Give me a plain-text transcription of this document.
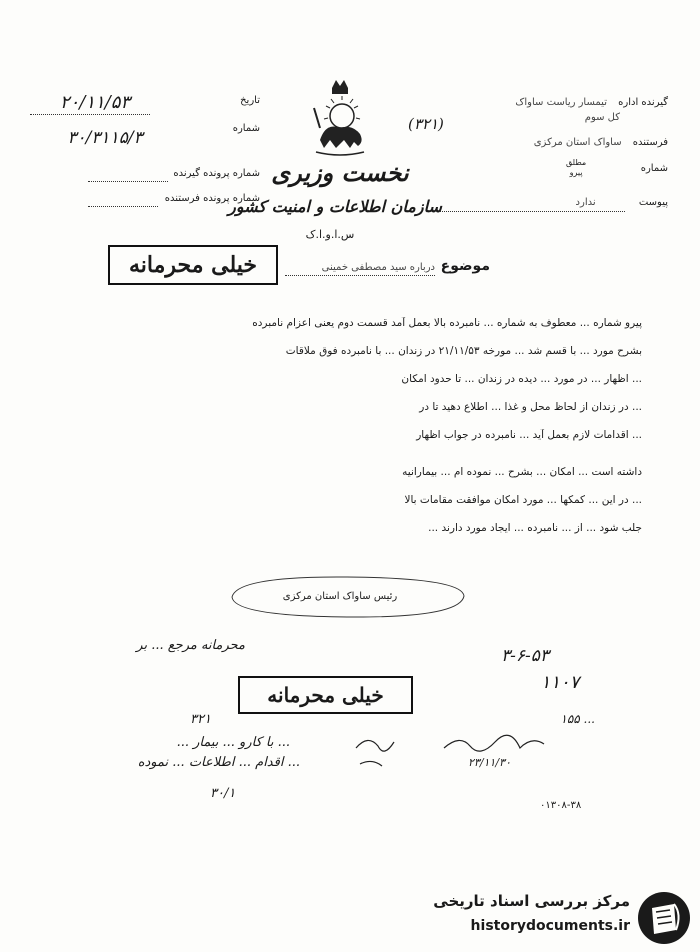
تاریخ
۲۰/۱۱/۵۳
شماره
۳۰/۳۱۱۵/۳
شماره پرونده گیرنده
شماره پرونده فرستنده
نخست وزیری
سازمان اطلاعات و امنیت کشور
س.ا.و.ا.ک
گیرنده اداره تیمسار ریاست ساواک
کل سوم
(۳۲۱)
فرستنده ساواک استان مرکزی
شماره
مطلق
پیرو
پیوست ندارد
موضوع
درباره سید مصطفی خمینی
خیلی محرمانه
پیرو شماره ... معطوف به شماره ... نامبرده بالا بعمل آمد قسمت دوم یعنی اعزام نامبرده
بشرح مورد ... با قسم شد ... مورخه ۲۱/۱۱/۵۳ در زندان ... با نامبرده فوق ملاقات
... اظهار ... در مورد ... دیده در زندان ... تا حدود امکان
... در زندان از لحاظ محل و غذا ... اطلاع دهید تا در
... اقدامات لازم بعمل آید ... نامبرده در جواب اظهار
داشته است ... امکان ... بشرح ... نموده ام ... بیمارانیه
... در این ... کمکها ... مورد امکان موافقت مقامات بالا
جلب شود ... از ... نامبرده ... ایجاد مورد دارند ...
رئیس ساواک استان مرکزی
محرمانه مرجع ... بر
۳-۶-۵۳
۱۱۰۷
خیلی محرمانه
۳۲۱
... با کارو ... بیمار ...
... اقدام ... اطلاعات ... نموده
۳۰/۱
... ۱۵۵
۲۳/۱۱/۳۰
۰۱۳۰۸-۳۸
مرکز بررسی اسناد تاریخی
historydocuments.ir
